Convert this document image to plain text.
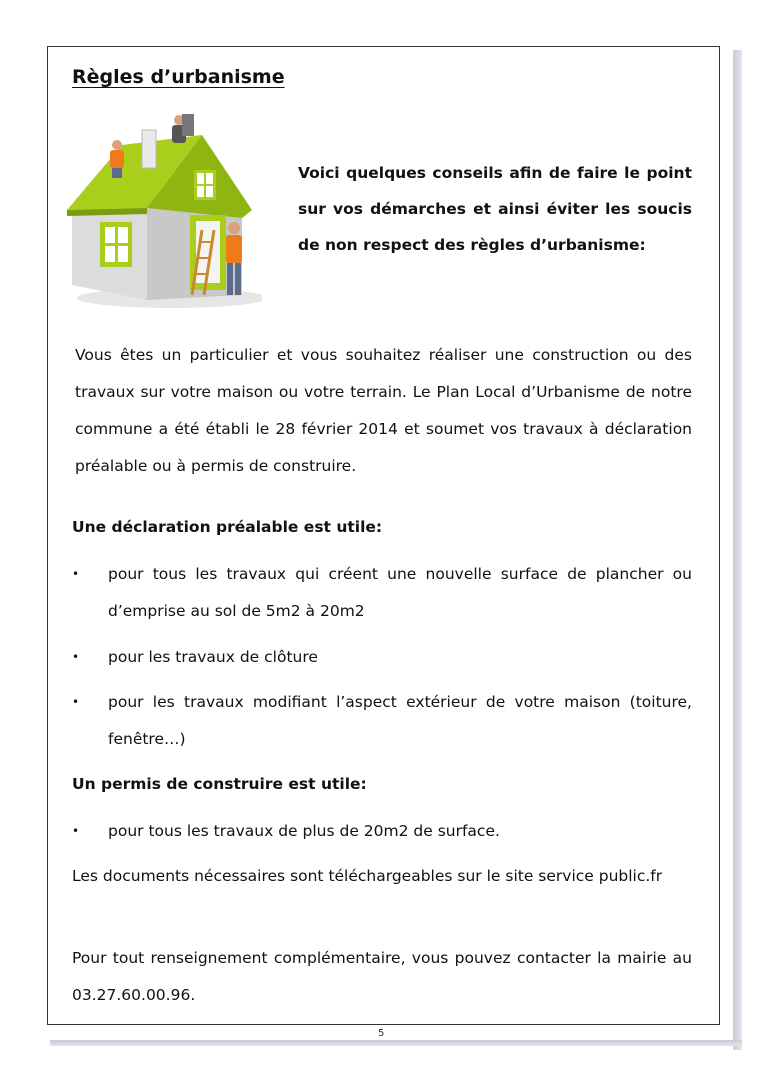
Règles d’urbanisme
Voici quelques conseils afin de faire le point sur vos démarches et ainsi éviter les soucis de non respect des règles d’urbanisme:
Vous êtes un particulier et vous souhaitez réaliser une construction ou des travaux sur votre maison ou votre terrain. Le Plan Local d’Urbanisme de notre commune a été établi le 28 février 2014 et soumet vos travaux à déclaration préalable ou à permis de construire.
Une déclaration préalable est utile:
• pour tous les travaux qui créent une nouvelle surface de plancher ou d’emprise au sol de 5m2 à 20m2
• pour les travaux de clôture
• pour les travaux modifiant l’aspect extérieur de votre maison (toiture, fenêtre…)
Un permis de construire est utile:
• pour tous les travaux de plus de 20m2 de surface.
Les documents nécessaires sont téléchargeables sur le site service public.fr
Pour tout renseignement complémentaire, vous pouvez contacter la mairie au 03.27.60.00.96.
5
